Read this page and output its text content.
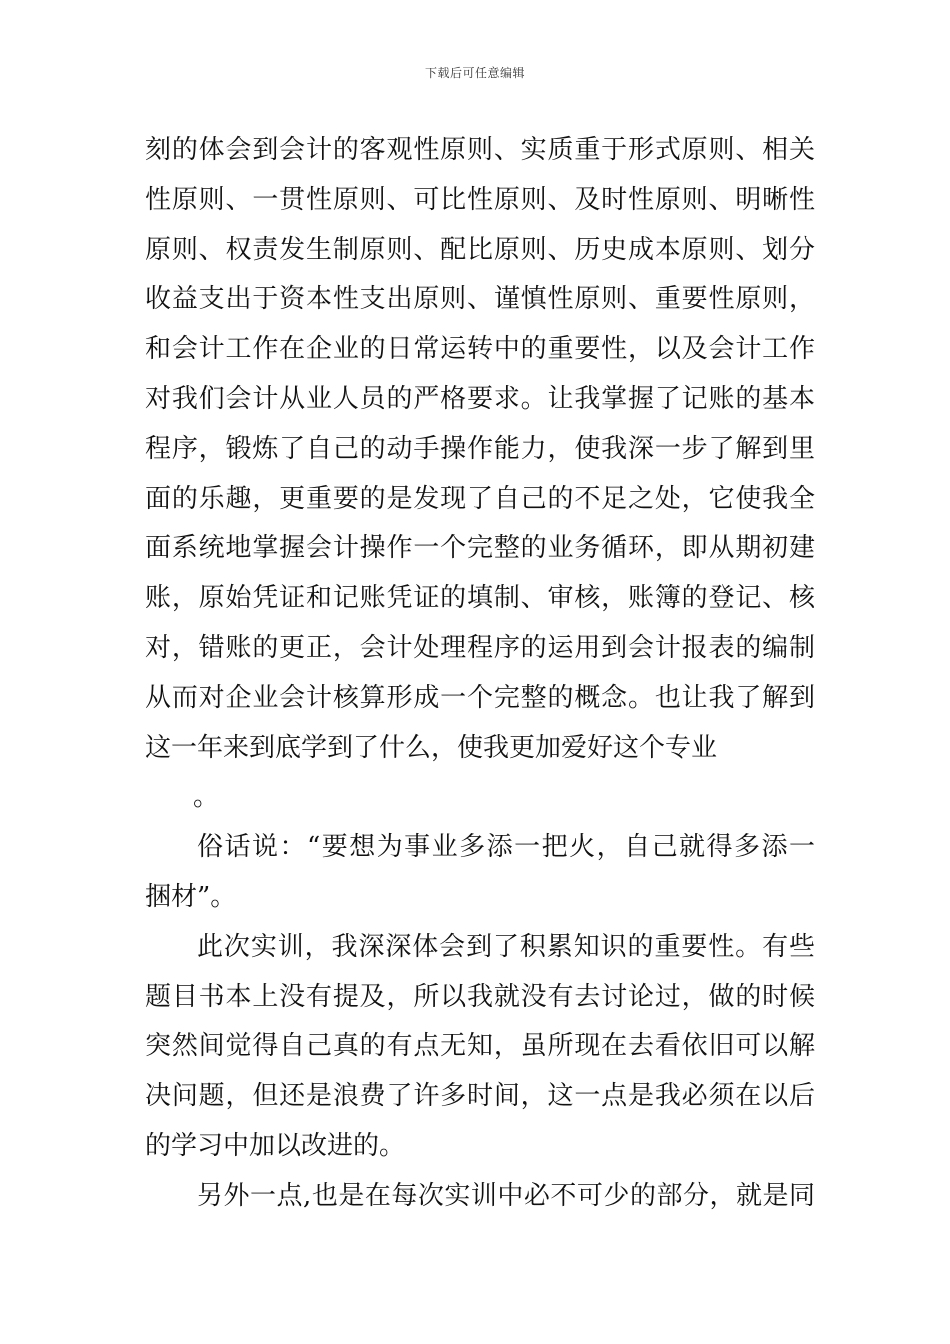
下载后可任意编辑
刻的体会到会计的客观性原则、实质重于形式原则、相关
性原则、一贯性原则、可比性原则、及时性原则、明晰性
原则、权责发生制原则、配比原则、历史成本原则、划分
收益支出于资本性支出原则、谨慎性原则、重要性原则，
和会计工作在企业的日常运转中的重要性，以及会计工作
对我们会计从业人员的严格要求。让我掌握了记账的基本
程序，锻炼了自己的动手操作能力，使我深一步了解到里
面的乐趣，更重要的是发现了自己的不足之处，它使我全
面系统地掌握会计操作一个完整的业务循环，即从期初建
账，原始凭证和记账凭证的填制、审核，账簿的登记、核
对，错账的更正，会计处理程序的运用到会计报表的编制
从而对企业会计核算形成一个完整的概念。也让我了解到
这一年来到底学到了什么，使我更加爱好这个专业
。
俗话说：“要想为事业多添一把火，自己就得多添一
捆材”。
此次实训，我深深体会到了积累知识的重要性。有些
题目书本上没有提及，所以我就没有去讨论过，做的时候
突然间觉得自己真的有点无知，虽所现在去看依旧可以解
决问题，但还是浪费了许多时间，这一点是我必须在以后
的学习中加以改进的。
另外一点,也是在每次实训中必不可少的部分，就是同
